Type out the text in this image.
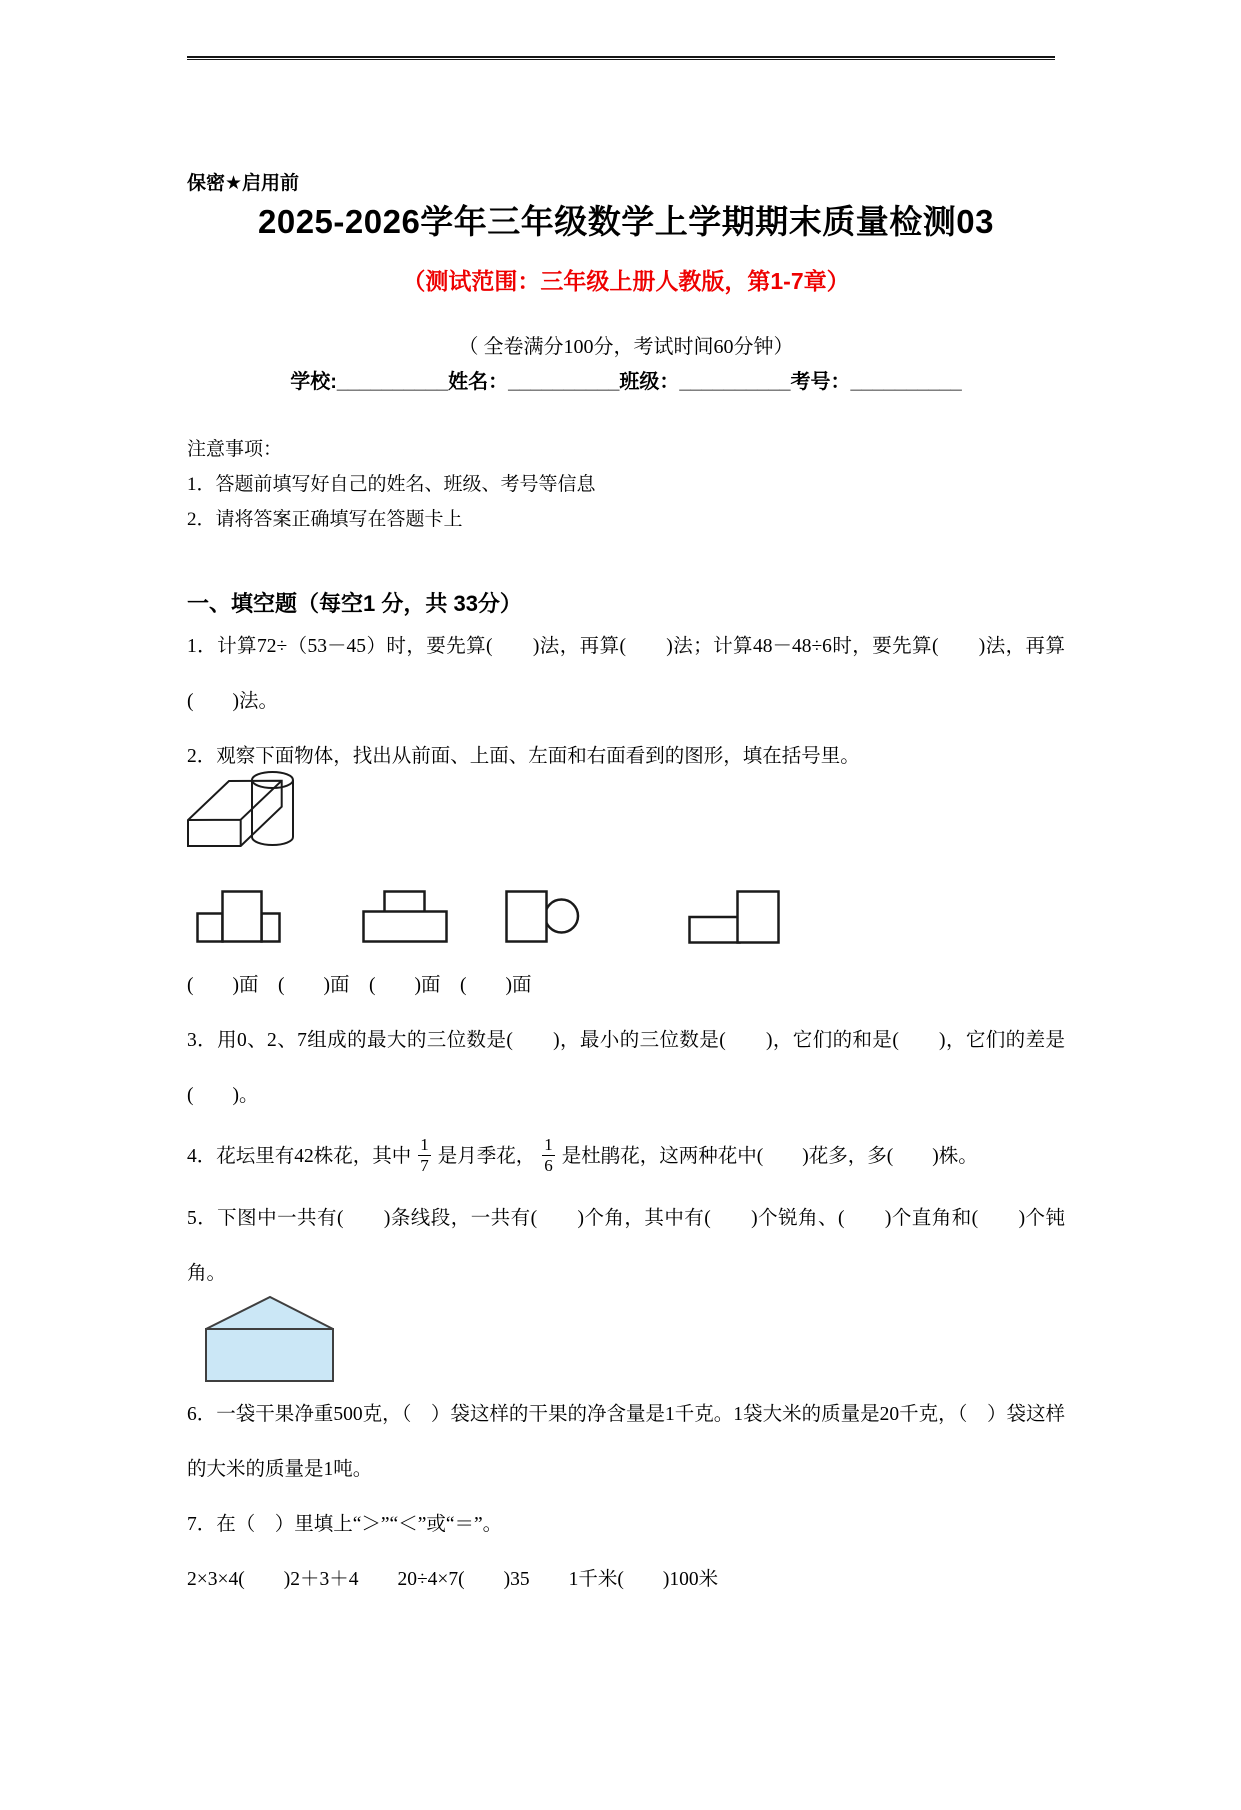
保密★启用前
2025-2026学年三年级数学上学期期末质量检测03
（测试范围：三年级上册人教版，第1-7章）
（ 全卷满分100分，考试时间60分钟）
学校:__________姓名：__________班级：__________考号：__________
注意事项：
1．答题前填写好自己的姓名、班级、考号等信息
2．请将答案正确填写在答题卡上
一、填空题（每空1 分，共 33分）

1．计算72÷（53－45）时，要先算(　　)法，再算(　　)法；计算48－48÷6时，要先算(　　)法，再算(　　)法。

2．观察下面物体，找出从前面、上面、左面和右面看到的图形，填在括号里。

(　　)面　(　　)面　(　　)面　(　　)面

3．用0、2、7组成的最大的三位数是(　　)，最小的三位数是(　　)，它们的和是(　　)，它们的差是(　　)。

4．花坛里有42株花，其中 $\frac{1}{7}$ 是月季花， $\frac{1}{6}$ 是杜鹃花，这两种花中(　　)花多，多(　　)株。

5．下图中一共有(　　)条线段，一共有(　　)个角，其中有(　　)个锐角、(　　)个直角和(　　)个钝角。

6．一袋干果净重500克，（　）袋这样的干果的净含量是1千克。1袋大米的质量是20千克，（　）袋这样的大米的质量是1吨。

7．在（　）里填上“＞”“＜”或“＝”。

2×3×4(　　)2＋3＋4　　20÷4×7(　　)35　　1千米(　　)100米
